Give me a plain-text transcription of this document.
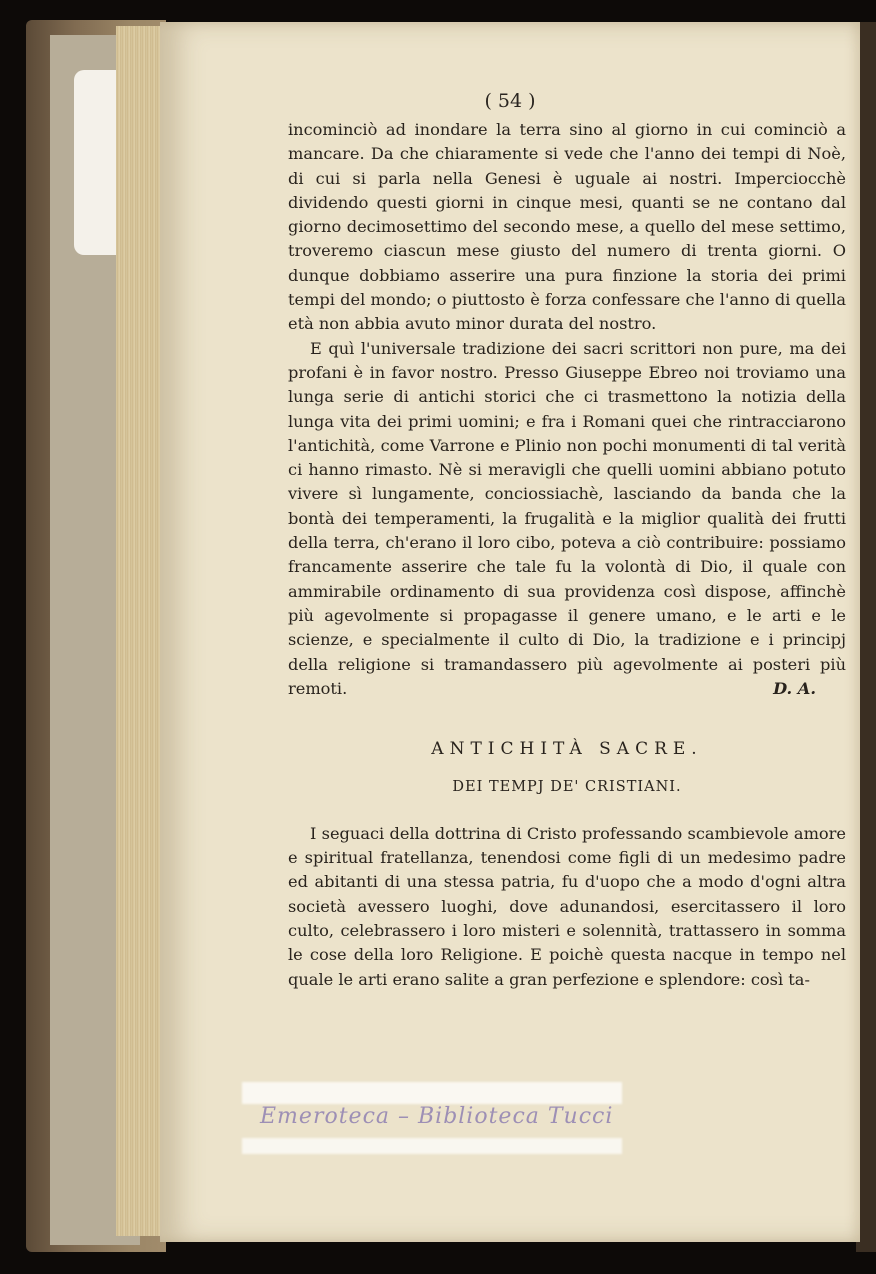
( 54 )

incominciò ad inondare la terra sino al giorno in cui cominciò a mancare. Da che chiaramente si vede che l'anno dei tempi di Noè, di cui si parla nella Genesi è uguale ai nostri. Imperciocchè dividendo questi giorni in cinque mesi, quanti se ne contano dal giorno decimosettimo del secondo mese, a quello del mese settimo, troveremo ciascun mese giusto del numero di trenta giorni. O dunque dobbiamo asserire una pura finzione la storia dei primi tempi del mondo; o piuttosto è forza confessare che l'anno di quella età non abbia avuto minor durata del nostro.

E quì l'universale tradizione dei sacri scrittori non pure, ma dei profani è in favor nostro. Presso Giuseppe Ebreo noi troviamo una lunga serie di antichi storici che ci trasmettono la notizia della lunga vita dei primi uomini; e fra i Romani quei che rintracciarono l'antichità, come Varrone e Plinio non pochi monumenti di tal verità ci hanno rimasto. Nè si meravigli che quelli uomini abbiano potuto vivere sì lungamente, conciossiachè, lasciando da banda che la bontà dei temperamenti, la frugalità e la miglior qualità dei frutti della terra, ch'erano il loro cibo, poteva a ciò contribuire: possiamo francamente asserire che tale fu la volontà di Dio, il quale con ammirabile ordinamento di sua providenza così dispose, affinchè più agevolmente si propagasse il genere umano, e le arti e le scienze, e specialmente il culto di Dio, la tradizione e i principj della religione si tramandassero più agevolmente ai posteri più remoti.	D. A.

ANTICHITÀ SACRE.
DEI TEMPJ DE' CRISTIANI.

I seguaci della dottrina di Cristo professando scambievole amore e spiritual fratellanza, tenendosi come figli di un medesimo padre ed abitanti di una stessa patria, fu d'uopo che a modo d'ogni altra società avessero luoghi, dove adunandosi, esercitassero il loro culto, celebrassero i loro misteri e solennità, trattassero in somma le cose della loro Religione. E poichè questa nacque in tempo nel quale le arti erano salite a gran perfezione e splendore: così ta-

Emeroteca – Biblioteca Tucci
